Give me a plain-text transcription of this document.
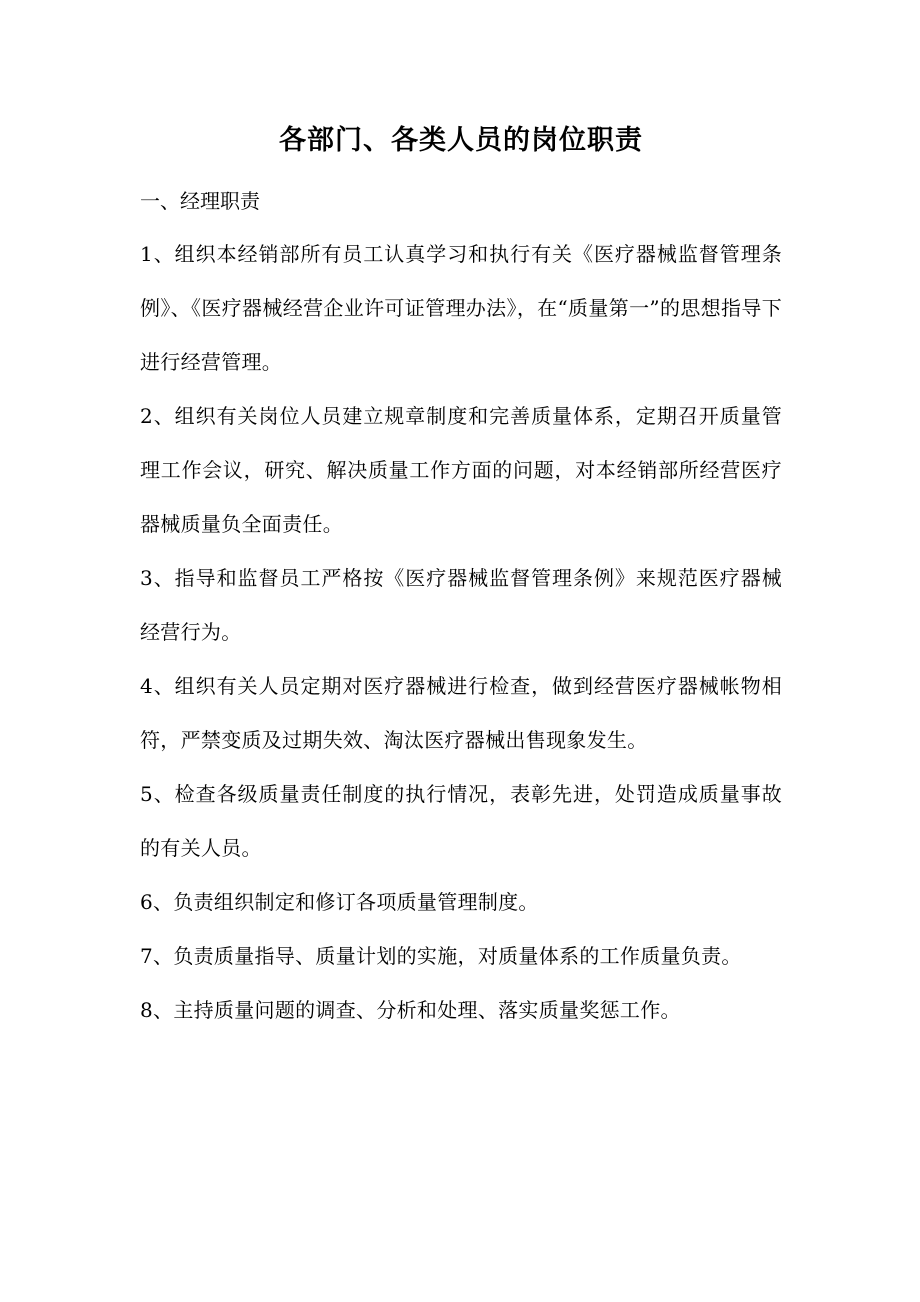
各部门、各类人员的岗位职责
一、经理职责

1、组织本经销部所有员工认真学习和执行有关《医疗器械监督管理条例》、《医疗器械经营企业许可证管理办法》，在“质量第一”的思想指导下进行经营管理。

2、组织有关岗位人员建立规章制度和完善质量体系，定期召开质量管理工作会议，研究、解决质量工作方面的问题，对本经销部所经营医疗器械质量负全面责任。

3、指导和监督员工严格按《医疗器械监督管理条例》来规范医疗器械经营行为。

4、组织有关人员定期对医疗器械进行检查，做到经营医疗器械帐物相符，严禁变质及过期失效、淘汰医疗器械出售现象发生。

5、检查各级质量责任制度的执行情况，表彰先进，处罚造成质量事故的有关人员。

6、负责组织制定和修订各项质量管理制度。

7、负责质量指导、质量计划的实施，对质量体系的工作质量负责。

8、主持质量问题的调查、分析和处理、落实质量奖惩工作。
